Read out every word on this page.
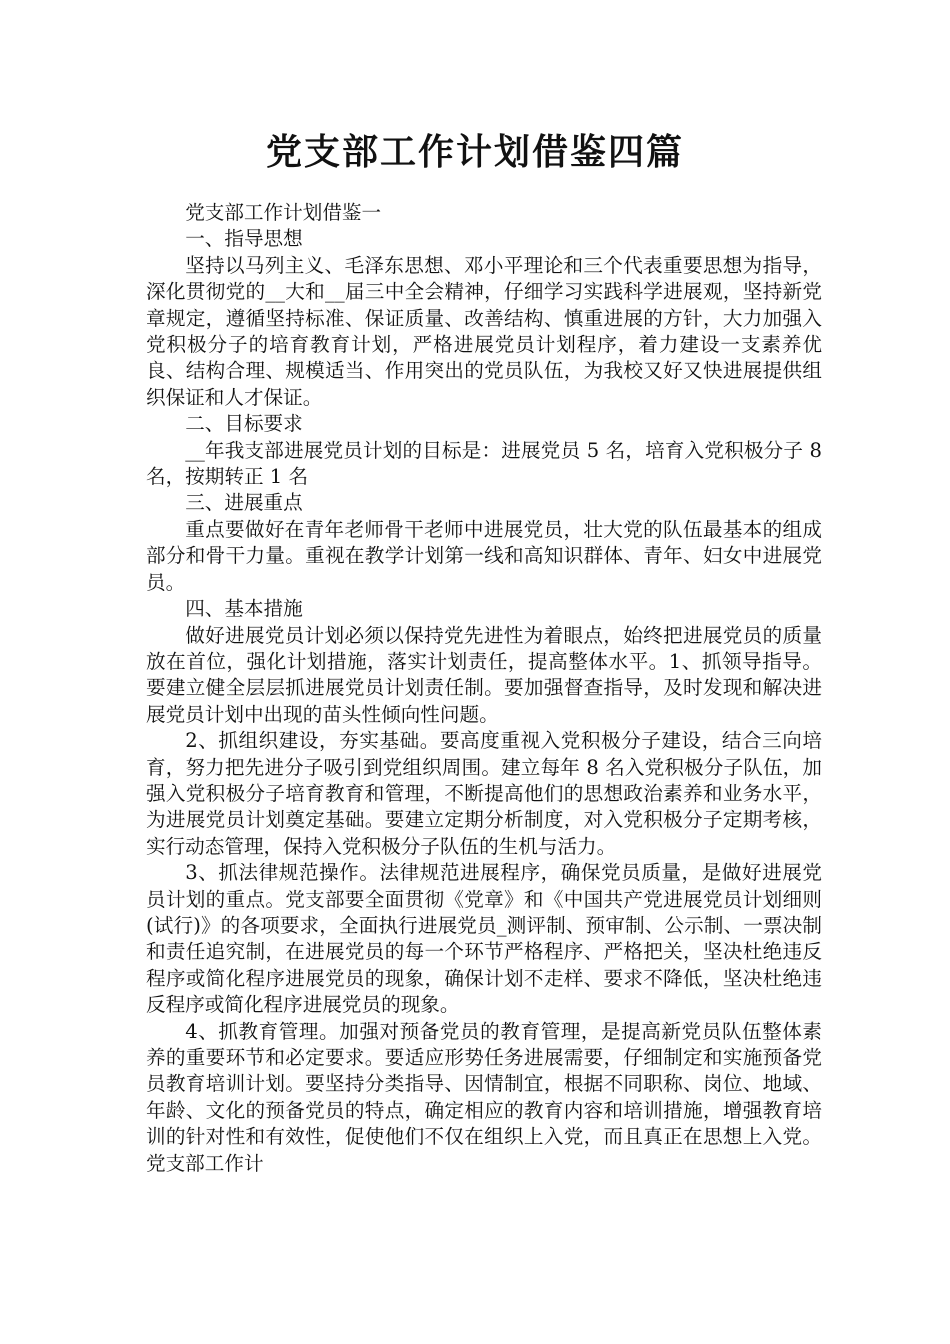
党支部工作计划借鉴四篇

党支部工作计划借鉴一

一、指导思想

坚持以马列主义、毛泽东思想、邓小平理论和三个代表重要思想为指导，深化贯彻党的__大和__届三中全会精神，仔细学习实践科学进展观，坚持新党章规定，遵循坚持标准、保证质量、改善结构、慎重进展的方针，大力加强入党积极分子的培育教育计划，严格进展党员计划程序，着力建设一支素养优良、结构合理、规模适当、作用突出的党员队伍，为我校又好又快进展提供组织保证和人才保证。

二、目标要求

__年我支部进展党员计划的目标是：进展党员 5 名，培育入党积极分子 8 名，按期转正 1 名

三、进展重点

重点要做好在青年老师骨干老师中进展党员，壮大党的队伍最基本的组成部分和骨干力量。重视在教学计划第一线和高知识群体、青年、妇女中进展党员。

四、基本措施

做好进展党员计划必须以保持党先进性为着眼点，始终把进展党员的质量放在首位，强化计划措施，落实计划责任，提高整体水平。1、抓领导指导。要建立健全层层抓进展党员计划责任制。要加强督查指导，及时发现和解决进展党员计划中出现的苗头性倾向性问题。

2、抓组织建设，夯实基础。要高度重视入党积极分子建设，结合三向培育，努力把先进分子吸引到党组织周围。建立每年 8 名入党积极分子队伍，加强入党积极分子培育教育和管理，不断提高他们的思想政治素养和业务水平，为进展党员计划奠定基础。要建立定期分析制度，对入党积极分子定期考核，实行动态管理，保持入党积极分子队伍的生机与活力。

3、抓法律规范操作。法律规范进展程序，确保党员质量，是做好进展党员计划的重点。党支部要全面贯彻《党章》和《中国共产党进展党员计划细则(试行)》的各项要求，全面执行进展党员_测评制、预审制、公示制、一票决制和责任追究制，在进展党员的每一个环节严格程序、严格把关，坚决杜绝违反程序或简化程序进展党员的现象，确保计划不走样、要求不降低，坚决杜绝违反程序或简化程序进展党员的现象。

4、抓教育管理。加强对预备党员的教育管理，是提高新党员队伍整体素养的重要环节和必定要求。要适应形势任务进展需要，仔细制定和实施预备党员教育培训计划。要坚持分类指导、因情制宜，根据不同职称、岗位、地域、年龄、文化的预备党员的特点，确定相应的教育内容和培训措施，增强教育培训的针对性和有效性，促使他们不仅在组织上入党，而且真正在思想上入党。党支部工作计
